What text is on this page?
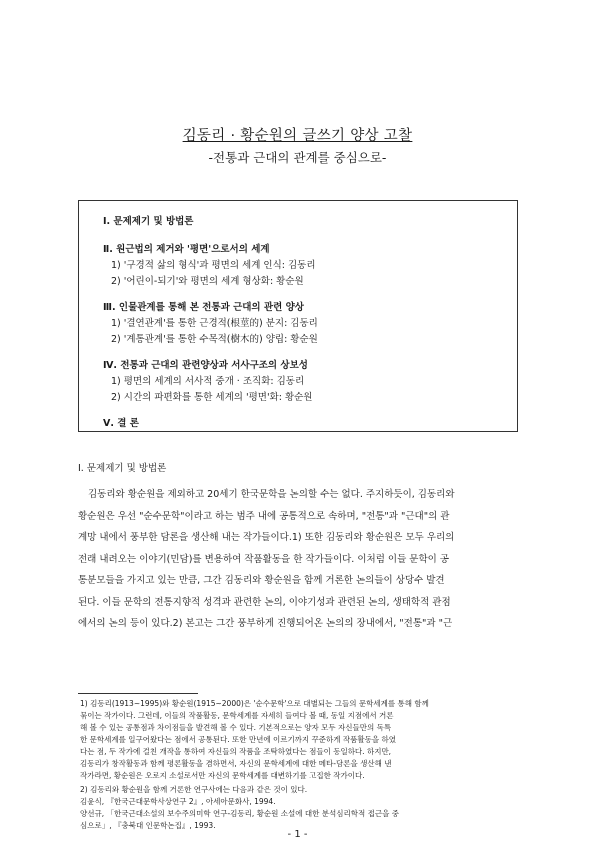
김동리 · 황순원의 글쓰기 양상 고찰
-전통과 근대의 관계를 중심으로-
Ⅰ. 문제제기 및 방법론
Ⅱ. 원근법의 제거와 '평면'으로서의 세계
1) '구경적 삶의 형식'과 평면의 세계 인식: 김동리
2) '어린이-되기'와 평면의 세계 형상화: 황순원
Ⅲ. 인물관계를 통해 본 전통과 근대의 관련 양상
1) '결연관계'를 통한 근경적(根莖的) 분지: 김동리
2) '계통관계'를 통한 수목적(樹木的) 양립: 황순원
Ⅳ. 전통과 근대의 관련양상과 서사구조의 상보성
1) 평면의 세계의 서사적 중개 · 조직화: 김동리
2) 시간의 파편화를 통한 세계의 '평면'화: 황순원
Ⅴ. 결 론
Ⅰ. 문제제기 및 방법론
김동리와 황순원을 제외하고 20세기 한국문학을 논의할 수는 없다. 주지하듯이, 김동리와
황순원은 우선 "순수문학"이라고 하는 범주 내에 공통적으로 속하며, "전통"과 "근대"의 관
계망 내에서 풍부한 담론을 생산해 내는 작가들이다.1) 또한 김동리와 황순원은 모두 우리의
전래 내려오는 이야기(민담)를 변용하여 작품활동을 한 작가들이다. 이처럼 이들 문학이 공
통분모들을 가지고 있는 만큼, 그간 김동리와 황순원을 함께 거론한 논의들이 상당수 발견
된다. 이들 문학의 전통지향적 성격과 관련한 논의, 이야기성과 관련된 논의, 생태학적 관점
에서의 논의 등이 있다.2) 본고는 그간 풍부하게 진행되어온 논의의 장내에서, "전통"과 "근
1) 김동리(1913~1995)와 황순원(1915~2000)은 '순수문학'으로 대별되는 그들의 문학세계를 통해 함께
묶이는 작가이다. 그런데, 이들의 작품활동, 문학세계를 자세히 들여다 볼 때, 동일 지점에서 거론
해 볼 수 있는 공통점과 차이점들을 발견해 볼 수 있다. 기본적으로는 양자 모두 자신들만의 독특
한 문학세계를 일구어왔다는 점에서 공통된다. 또한 만년에 이르기까지 꾸준하게 작품활동을 하였
다는 점, 두 작가에 걸친 개작을 통하여 자신들의 작품을 조탁하였다는 점들이 동일하다. 하지만,
김동리가 창작활동과 함께 평론활동을 겸하면서, 자신의 문학세계에 대한 메타-담론을 생산해 낸
작가라면, 황순원은 오로지 소설로서만 자신의 문학세계를 대변하기를 고집한 작가이다.
2) 김동리와 황순원을 함께 거론한 연구사에는 다음과 같은 것이 있다.
김윤식, 『한국근대문학사상연구 2』, 아세아문화사, 1994.
양선규, 「한국근대소설의 보수주의미학 연구-김동리, 황순원 소설에 대한 분석심리학적 접근을 중
심으로」, 『충북대 인문학논집』, 1993.
- 1 -
